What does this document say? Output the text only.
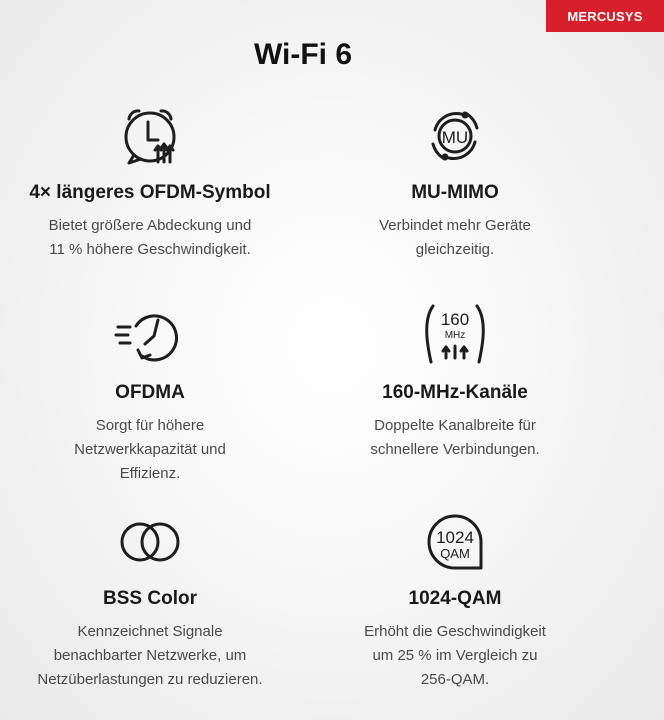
MERCUSYS
Wi-Fi 6
4× längeres OFDM-Symbol
Bietet größere Abdeckung und
11 % höhere Geschwindigkeit.
MU
MU-MIMO
Verbindet mehr Geräte
gleichzeitig.
OFDMA
Sorgt für höhere
Netzwerkkapazität und
Effizienz.
160
MHz
160-MHz-Kanäle
Doppelte Kanalbreite für
schnellere Verbindungen.
BSS Color
Kennzeichnet Signale
benachbarter Netzwerke, um
Netzüberlastungen zu reduzieren.
1024
QAM
1024-QAM
Erhöht die Geschwindigkeit
um 25 % im Vergleich zu
256-QAM.
